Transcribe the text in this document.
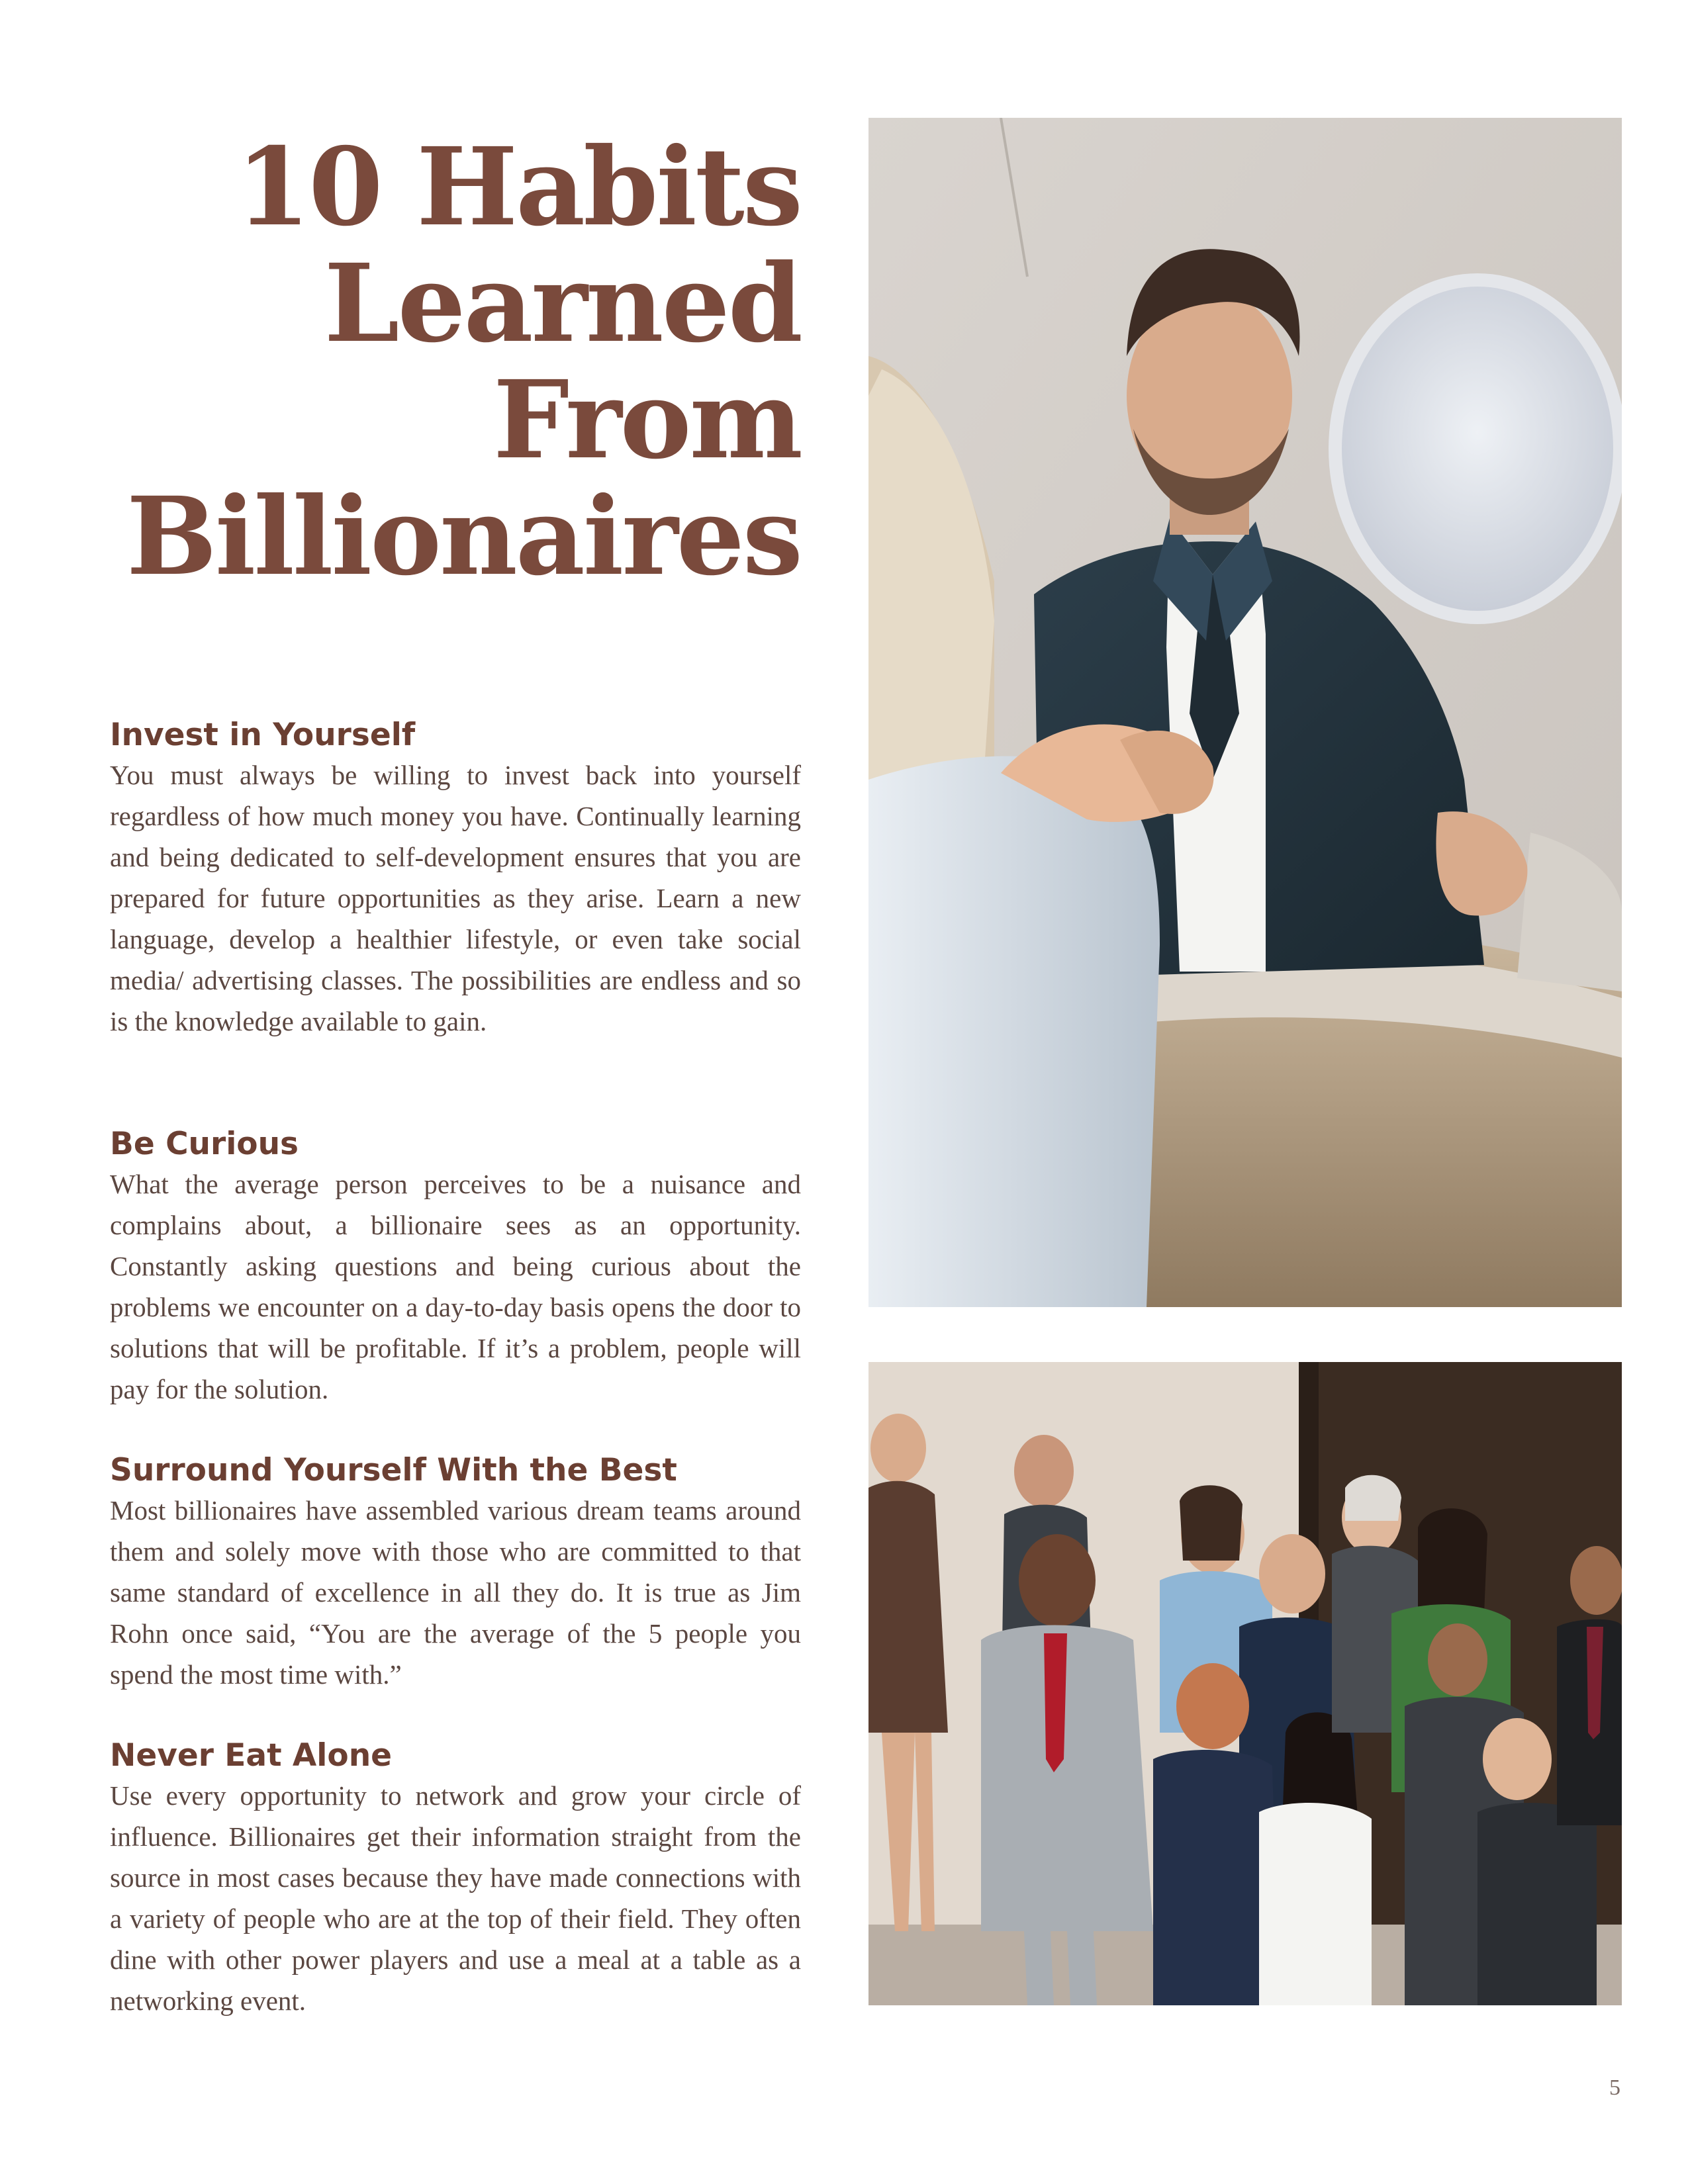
10 Habits
Learned
From
Billionaires
Invest in Yourself

You must always be willing to invest back into yourself regardless of how much money you have. Continually learning and being dedicated to self-development ensures that you are prepared for future opportunities as they arise. Learn a new language, develop a healthier lifestyle, or even take social media/ advertising classes. The possibilities are endless and so is the knowledge available to gain.

Be Curious

What the average person perceives to be a nuisance and complains about, a billionaire sees as an opportunity. Constantly asking questions and being curious about the problems we encounter on a day-to-day basis opens the door to solutions that will be profitable. If it’s a problem, people will pay for the solution.

Surround Yourself With the Best

Most billionaires have assembled various dream teams around them and solely move with those who are committed to that same standard of excellence in all they do. It is true as Jim Rohn once said, “You are the average of the 5 people you spend the most time with.”

Never Eat Alone

Use every opportunity to network and grow your circle of influence. Billionaires get their information straight from the source in most cases because they have made connections with a variety of people who are at the top of their field. They often dine with other power players and use a meal at a table as a networking event.

5
